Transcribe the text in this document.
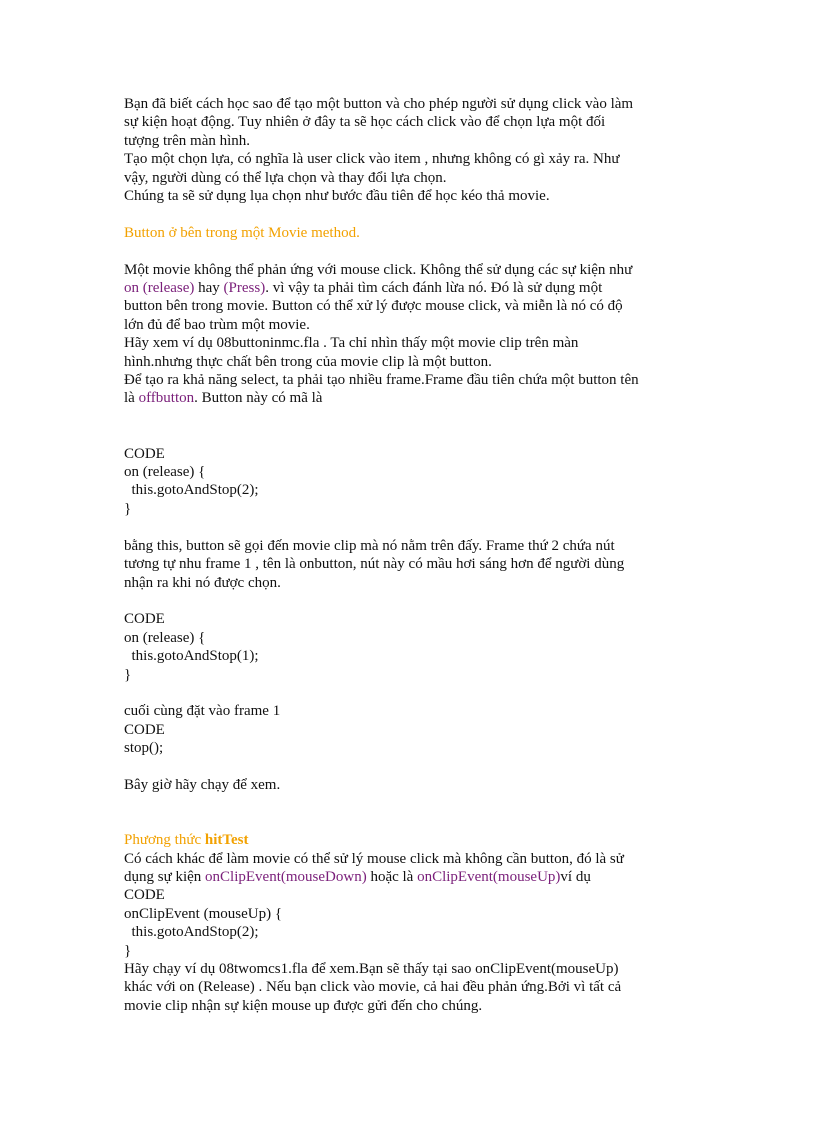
Bạn đã biết cách học sao để tạo một button và cho phép người sử dụng click vào làm
sự kiện hoạt động. Tuy nhiên ở đây ta sẽ học cách click vào để chọn lựa một đối
tượng trên màn hình.
Tạo một chọn lựa, có nghĩa là user click vào item , nhưng không có gì xảy ra. Như
vậy, người dùng có thể lựa chọn và thay đổi lựa chọn.
Chúng ta sẽ sử dụng lụa chọn như bước đầu tiên để học kéo thả movie.
Button ở bên trong một Movie method.
Một movie không thể phản ứng với mouse click. Không thể sử dụng các sự kiện như
on (release) hay (Press). vì vậy ta phải tìm cách đánh lừa nó. Đó là sử dụng một
button bên trong movie. Button có thể xử lý được mouse click, và miễn là nó có độ
lớn đủ để bao trùm một movie.
Hãy xem ví dụ 08buttoninmc.fla . Ta chỉ nhìn thấy một movie clip trên màn
hình.nhưng thực chất bên trong của movie clip là một button.
Để tạo ra khả năng select, ta phải tạo nhiều frame.Frame đầu tiên chứa một button tên
là offbutton. Button này có mã là
CODE
on (release) {
this.gotoAndStop(2);
}
bằng this, button sẽ gọi đến movie clip mà nó nằm trên đấy. Frame thứ 2 chứa nút
tương tự nhu frame 1 , tên là onbutton, nút này có mầu hơi sáng hơn để người dùng
nhận ra khi nó được chọn.
CODE
on (release) {
this.gotoAndStop(1);
}
cuối cùng đặt vào frame 1
CODE
stop();
Bây giờ hãy chạy để xem.
Phương thức hitTest
Có cách khác để làm movie có thể sử lý mouse click mà không cần button, đó là sử
dụng sự kiện onClipEvent(mouseDown) hoặc là onClipEvent(mouseUp)ví dụ
CODE
onClipEvent (mouseUp) {
this.gotoAndStop(2);
}
Hãy chạy ví dụ 08twomcs1.fla để xem.Bạn sẽ thấy tại sao onClipEvent(mouseUp)
khác với on (Release) . Nếu bạn click vào movie, cả hai đều phản ứng.Bởi vì tất cả
movie clip nhận sự kiện mouse up được gửi đến cho chúng.
